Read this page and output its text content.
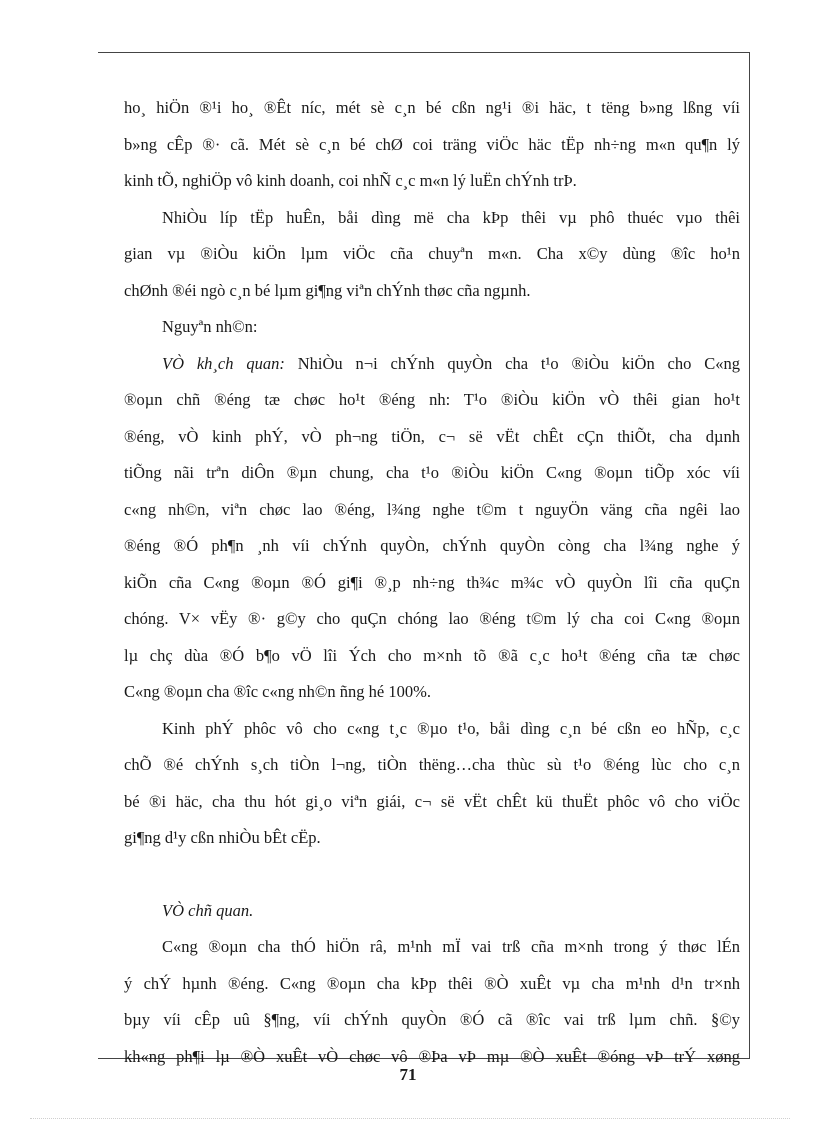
ho¸ hiÖn ®¹i ho¸ ®Êt níc, mét sè c¸n bé cßn ng¹i ®i häc, t tëng b»ng lßng víi
b»ng cÊp ®· cã. Mét sè c¸n bé chØ coi träng viÖc häc tËp nh÷ng m«n qu¶n lý
kinh tÕ, nghiÖp vô kinh doanh, coi nhÑ c¸c m«n lý luËn chÝnh trÞ.
NhiÒu líp tËp huÊn, båi dìng më cha kÞp thêi vµ phô thuéc vµo thêi
gian vµ ®iÒu kiÖn lµm viÖc cña chuyªn m«n. Cha x©y dùng ®îc ho¹n
chØnh ®éi ngò c¸n bé lµm gi¶ng viªn chÝnh thøc cña ngµnh.
Nguyªn nh©n:
VÒ kh¸ch quan: NhiÒu n¬i chÝnh quyÒn cha t¹o ®iÒu kiÖn cho C«ng
®oµn chñ ®éng tæ chøc ho¹t ®éng nh: T¹o ®iÒu kiÖn vÒ thêi gian ho¹t
®éng, vÒ kinh phÝ, vÒ ph¬ng tiÖn, c¬ së vËt chÊt cÇn thiÕt, cha dµnh
tiÕng nãi trªn diÔn ®µn chung, cha t¹o ®iÒu kiÖn C«ng ®oµn tiÕp xóc víi
c«ng nh©n, viªn chøc lao ®éng, l¾ng nghe t©m t nguyÖn väng cña ngêi lao
®éng ®Ó ph¶n ¸nh víi chÝnh quyÒn, chÝnh quyÒn còng cha l¾ng nghe ý
kiÕn cña C«ng ®oµn ®Ó gi¶i ®¸p nh÷ng th¾c m¾c vÒ quyÒn lîi cña quÇn
chóng. V× vËy ®· g©y cho quÇn chóng lao ®éng t©m lý cha coi C«ng ®oµn
lµ chç dùa ®Ó b¶o vÖ lîi Ých cho m×nh tõ ®ã c¸c ho¹t ®éng cña tæ chøc
C«ng ®oµn cha ®îc c«ng nh©n ñng hé 100%.
Kinh phÝ phôc vô cho c«ng t¸c ®µo t¹o, båi dìng c¸n bé cßn eo hÑp, c¸c
chÕ ®é chÝnh s¸ch tiÒn l¬ng, tiÒn thëng…cha thùc sù t¹o ®éng lùc cho c¸n
bé ®i häc, cha thu hót gi¸o viªn giái, c¬ së vËt chÊt kü thuËt phôc vô cho viÖc
gi¶ng d¹y cßn nhiÒu bÊt cËp.
VÒ chñ quan.
C«ng ®oµn cha thÓ hiÖn râ, m¹nh mÏ vai trß cña m×nh trong ý thøc lÉn
ý chÝ hµnh ®éng. C«ng ®oµn cha kÞp thêi ®Ò xuÊt vµ cha m¹nh d¹n tr×nh
bµy víi cÊp uû §¶ng, víi chÝnh quyÒn ®Ó cã ®îc vai trß lµm chñ. §©y
kh«ng ph¶i lµ ®Ò xuÊt vÒ chøc vô ®Þa vÞ mµ ®Ò xuÊt ®óng vÞ trÝ xøng
71
